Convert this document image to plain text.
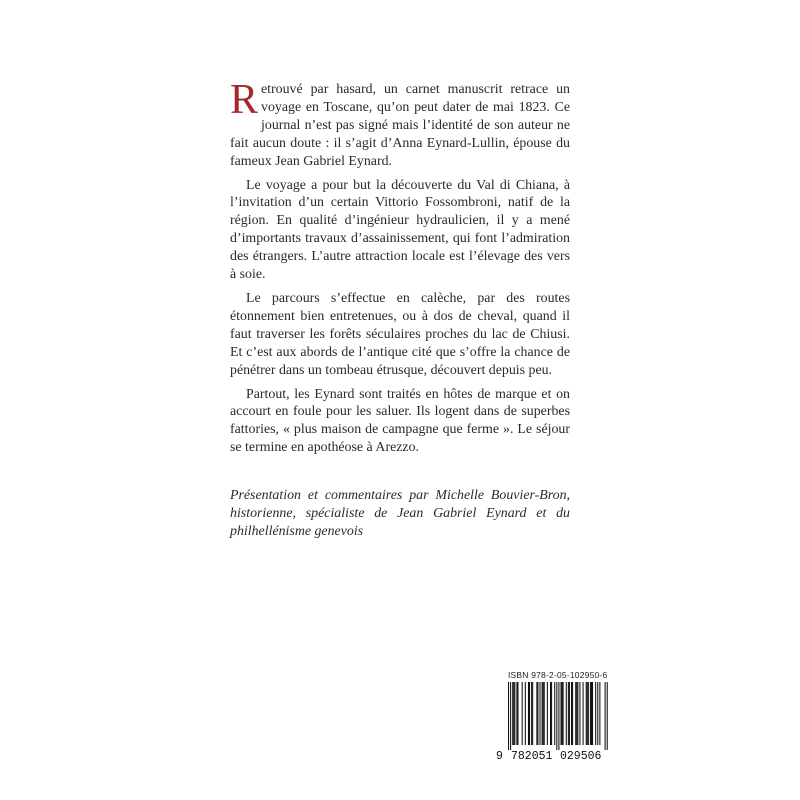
Retrouvé par hasard, un carnet manuscrit retrace un voyage en Toscane, qu’on peut dater de mai 1823. Ce journal n’est pas signé mais l’identité de son auteur ne fait aucun doute : il s’agit d’Anna Eynard-Lullin, épouse du fameux Jean Gabriel Eynard.

Le voyage a pour but la découverte du Val di Chiana, à l’invitation d’un certain Vittorio Fossombroni, natif de la région. En qualité d’ingénieur hydraulicien, il y a mené d’importants travaux d’assainissement, qui font l’admiration des étrangers. L’autre attraction locale est l’élevage des vers à soie.

Le parcours s’effectue en calèche, par des routes étonnement bien entretenues, ou à dos de cheval, quand il faut traverser les forêts séculaires proches du lac de Chiusi. Et c’est aux abords de l’antique cité que s’offre la chance de pénétrer dans un tombeau étrusque, découvert depuis peu.

Partout, les Eynard sont traités en hôtes de marque et on accourt en foule pour les saluer. Ils logent dans de superbes fattories, « plus maison de campagne que ferme ». Le séjour se termine en apothéose à Arezzo.

Présentation et commentaires par Michelle Bouvier-Bron, historienne, spécialiste de Jean Gabriel Eynard et du philhellénisme genevois

ISBN 978-2-05-102950-6
9 782051 029506
